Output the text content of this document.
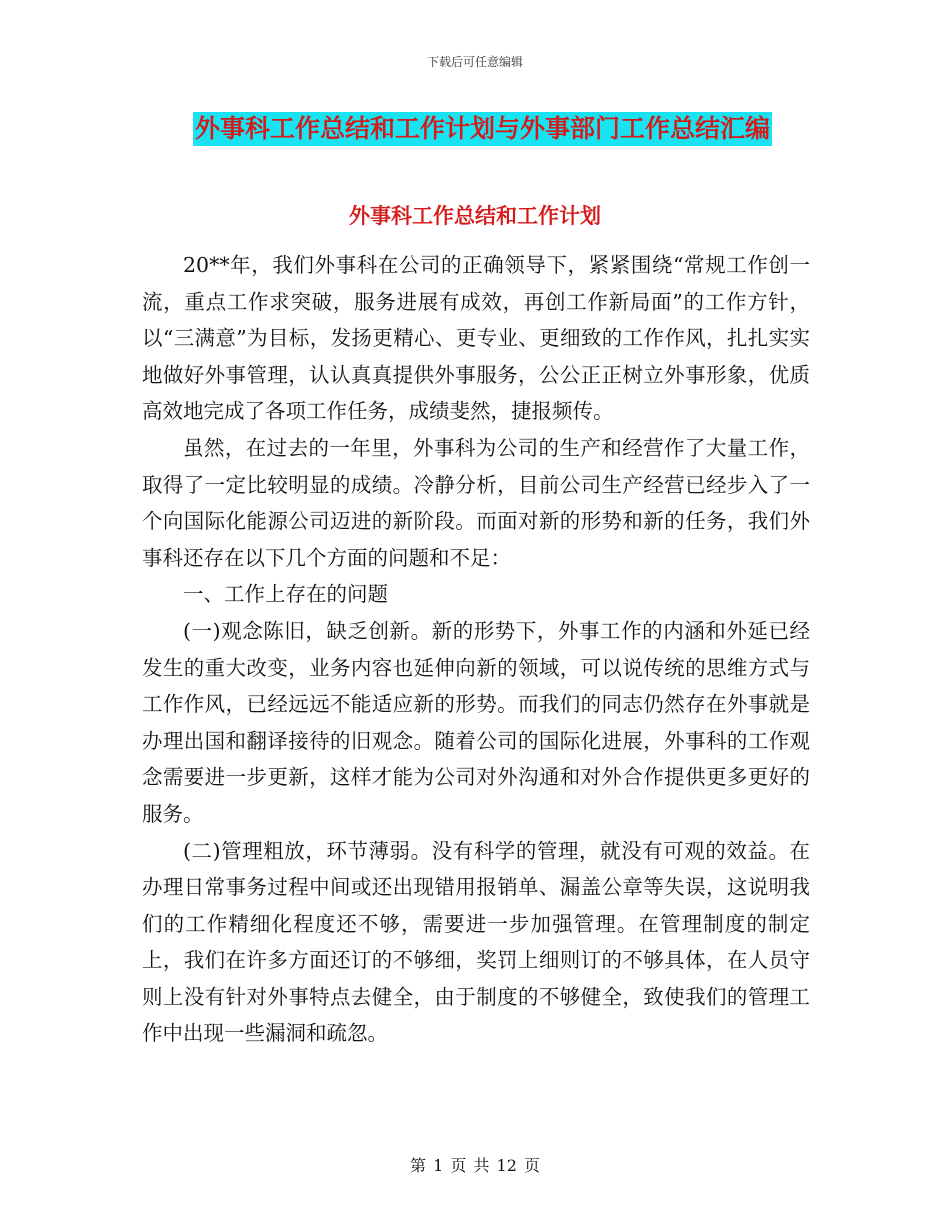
下载后可任意编辑
外事科工作总结和工作计划与外事部门工作总结汇编
外事科工作总结和工作计划

20**年，我们外事科在公司的正确领导下，紧紧围绕“常规工作创一流，重点工作求突破，服务进展有成效，再创工作新局面”的工作方针，以“三满意”为目标，发扬更精心、更专业、更细致的工作作风，扎扎实实地做好外事管理，认认真真提供外事服务，公公正正树立外事形象，优质高效地完成了各项工作任务，成绩斐然，捷报频传。

虽然，在过去的一年里，外事科为公司的生产和经营作了大量工作，取得了一定比较明显的成绩。冷静分析，目前公司生产经营已经步入了一个向国际化能源公司迈进的新阶段。而面对新的形势和新的任务，我们外事科还存在以下几个方面的问题和不足：

一、工作上存在的问题

(一)观念陈旧，缺乏创新。新的形势下，外事工作的内涵和外延已经发生的重大改变，业务内容也延伸向新的领域，可以说传统的思维方式与工作作风，已经远远不能适应新的形势。而我们的同志仍然存在外事就是办理出国和翻译接待的旧观念。随着公司的国际化进展，外事科的工作观念需要进一步更新，这样才能为公司对外沟通和对外合作提供更多更好的服务。

(二)管理粗放，环节薄弱。没有科学的管理，就没有可观的效益。在办理日常事务过程中间或还出现错用报销单、漏盖公章等失误，这说明我们的工作精细化程度还不够，需要进一步加强管理。在管理制度的制定上，我们在许多方面还订的不够细，奖罚上细则订的不够具体，在人员守则上没有针对外事特点去健全，由于制度的不够健全，致使我们的管理工作中出现一些漏洞和疏忽。

第 1 页 共 12 页
